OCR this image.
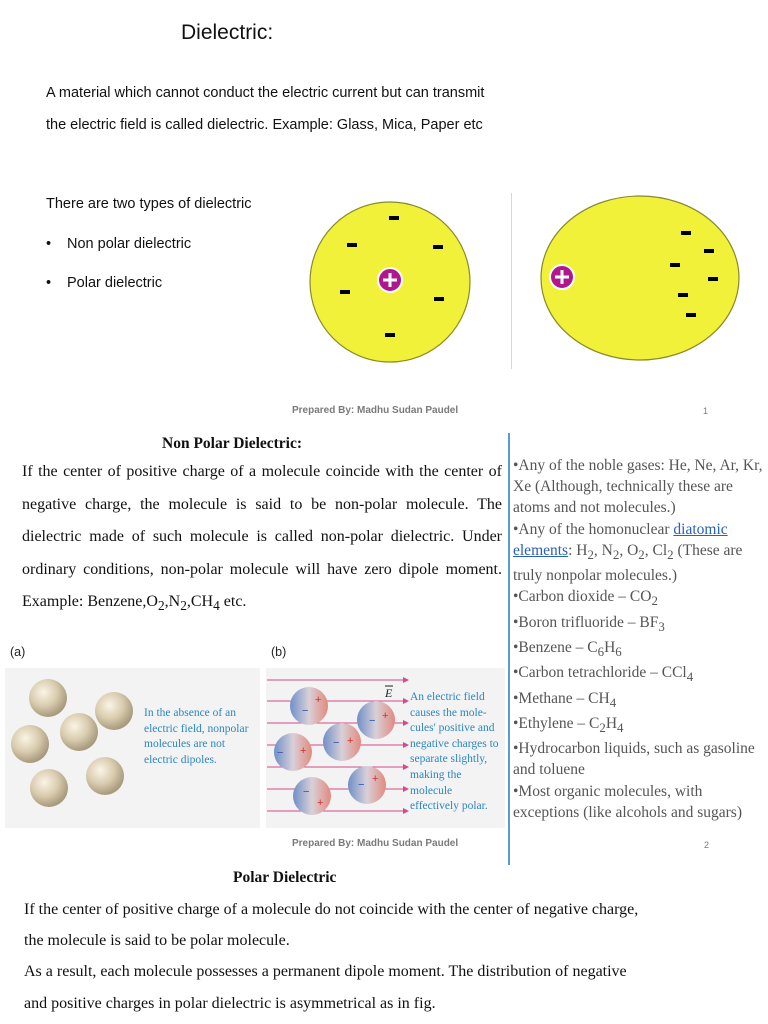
Dielectric:
A material which cannot conduct the electric current but can transmit
the electric field is called dielectric. Example: Glass, Mica, Paper etc
There are two types of dielectric
• Non polar dielectric
• Polar dielectric
Prepared By: Madhu Sudan Paudel	1
Non Polar Dielectric:
If the center of positive charge of a molecule coincide with the center of negative charge, the molecule is said to be non-polar molecule. The dielectric made of such molecule is called non-polar dielectric. Under ordinary conditions, non-polar molecule will have zero dipole moment. Example: $Benzene,O_2,N_2,CH_4$ etc.

•Any of the noble gases: He, Ne, Ar, Kr, Xe (Although, technically these are atoms and not molecules.)

•Any of the homonuclear diatomic elements: $H_2$, $N_2$, $O_2$, $Cl_2$ (These are truly nonpolar molecules.)

•Carbon dioxide – $CO_2$

•Boron trifluoride – $BF_3$

•Benzene – $C_6H_6$

•Carbon tetrachloride – CCl$_4$

•Methane – $CH_4$

•Ethylene – $C_2H_4$

•Hydrocarbon liquids, such as gasoline and toluene

•Most organic molecules, with exceptions (like alcohols and sugars)

(a)	(b)
−
+
− +
− +
− +
− +
−
+
E
In the absence of an electric field, nonpolar molecules are not electric dipoles.
An electric field causes the mole-cules' positive and negative charges to separate slightly, making the molecule effectively polar.
Prepared By: Madhu Sudan Paudel	2
Polar Dielectric
If the center of positive charge of a molecule do not coincide with the center of negative charge,
the molecule is said to be polar molecule.
As a result, each molecule possesses a permanent dipole moment. The distribution of negative
and positive charges in polar dielectric is asymmetrical as in fig.
